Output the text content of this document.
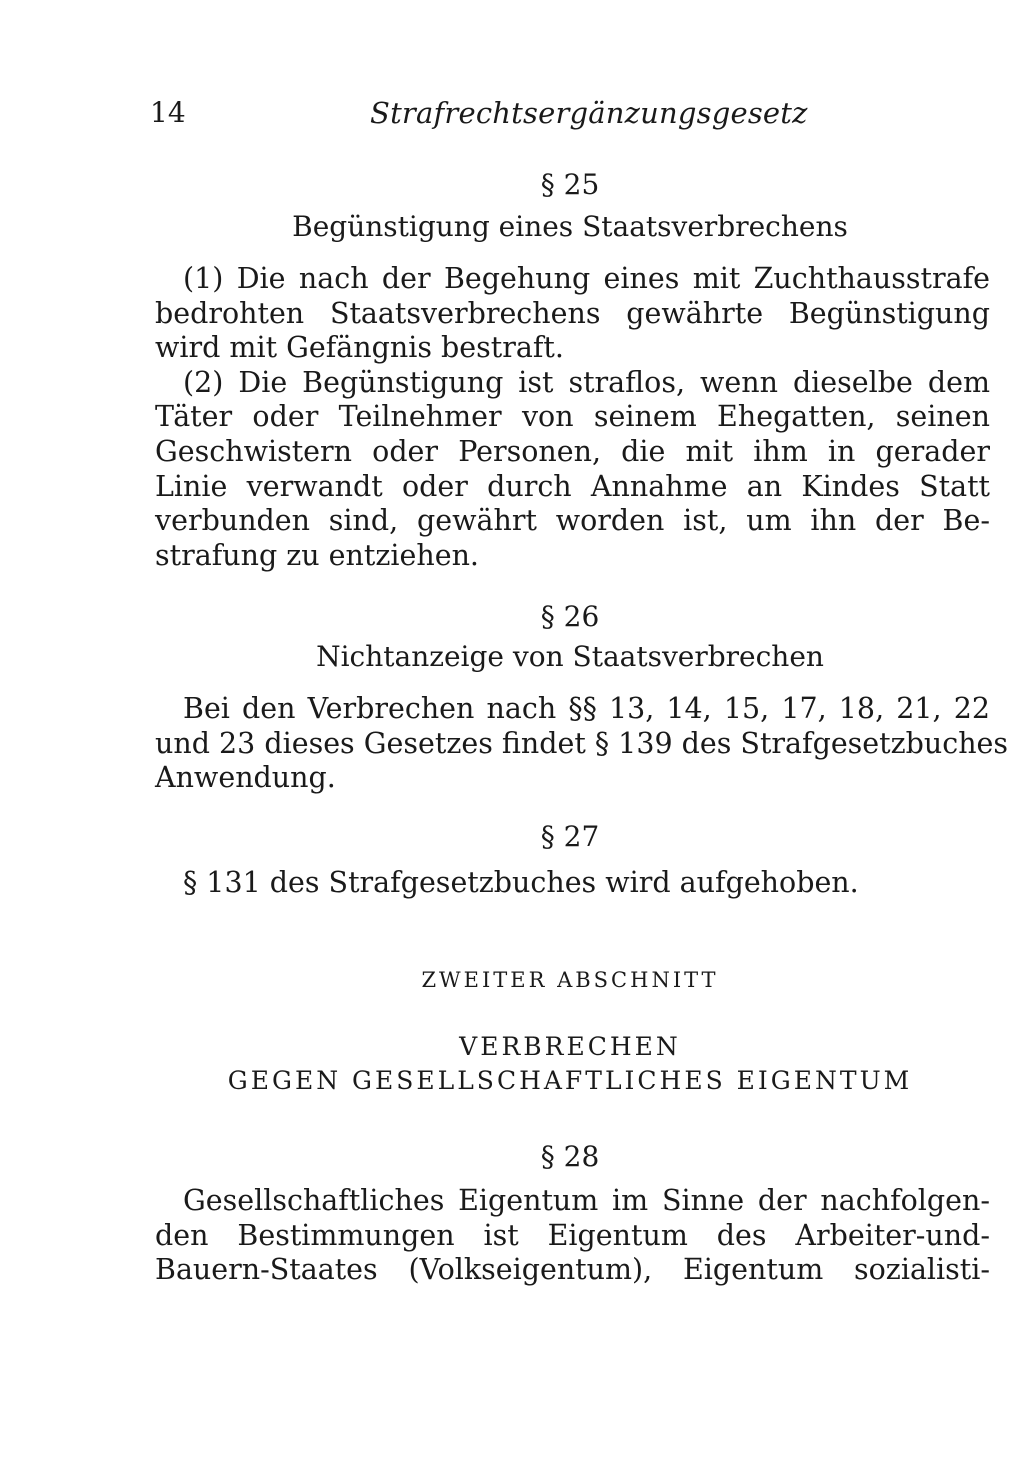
14	Strafrechtsergänzungsgesetz
§ 25
Begünstigung eines Staatsverbrechens
(1) Die nach der Begehung eines mit Zuchthausstrafe
bedrohten Staatsverbrechens gewährte Begünstigung
wird mit Gefängnis bestraft.
(2) Die Begünstigung ist straflos, wenn dieselbe dem
Täter oder Teilnehmer von seinem Ehegatten, seinen
Geschwistern oder Personen, die mit ihm in gerader
Linie verwandt oder durch Annahme an Kindes Statt
verbunden sind, gewährt worden ist, um ihn der Be-
strafung zu entziehen.
§ 26
Nichtanzeige von Staatsverbrechen
Bei den Verbrechen nach §§ 13, 14, 15, 17, 18, 21, 22
und 23 dieses Gesetzes findet § 139 des Strafgesetzbuches
Anwendung.
§ 27
§ 131 des Strafgesetzbuches wird aufgehoben.
ZWEITER ABSCHNITT
VERBRECHEN
GEGEN GESELLSCHAFTLICHES EIGENTUM
§ 28
Gesellschaftliches Eigentum im Sinne der nachfolgen-
den Bestimmungen ist Eigentum des Arbeiter-und-
Bauern-Staates (Volkseigentum), Eigentum sozialisti-
